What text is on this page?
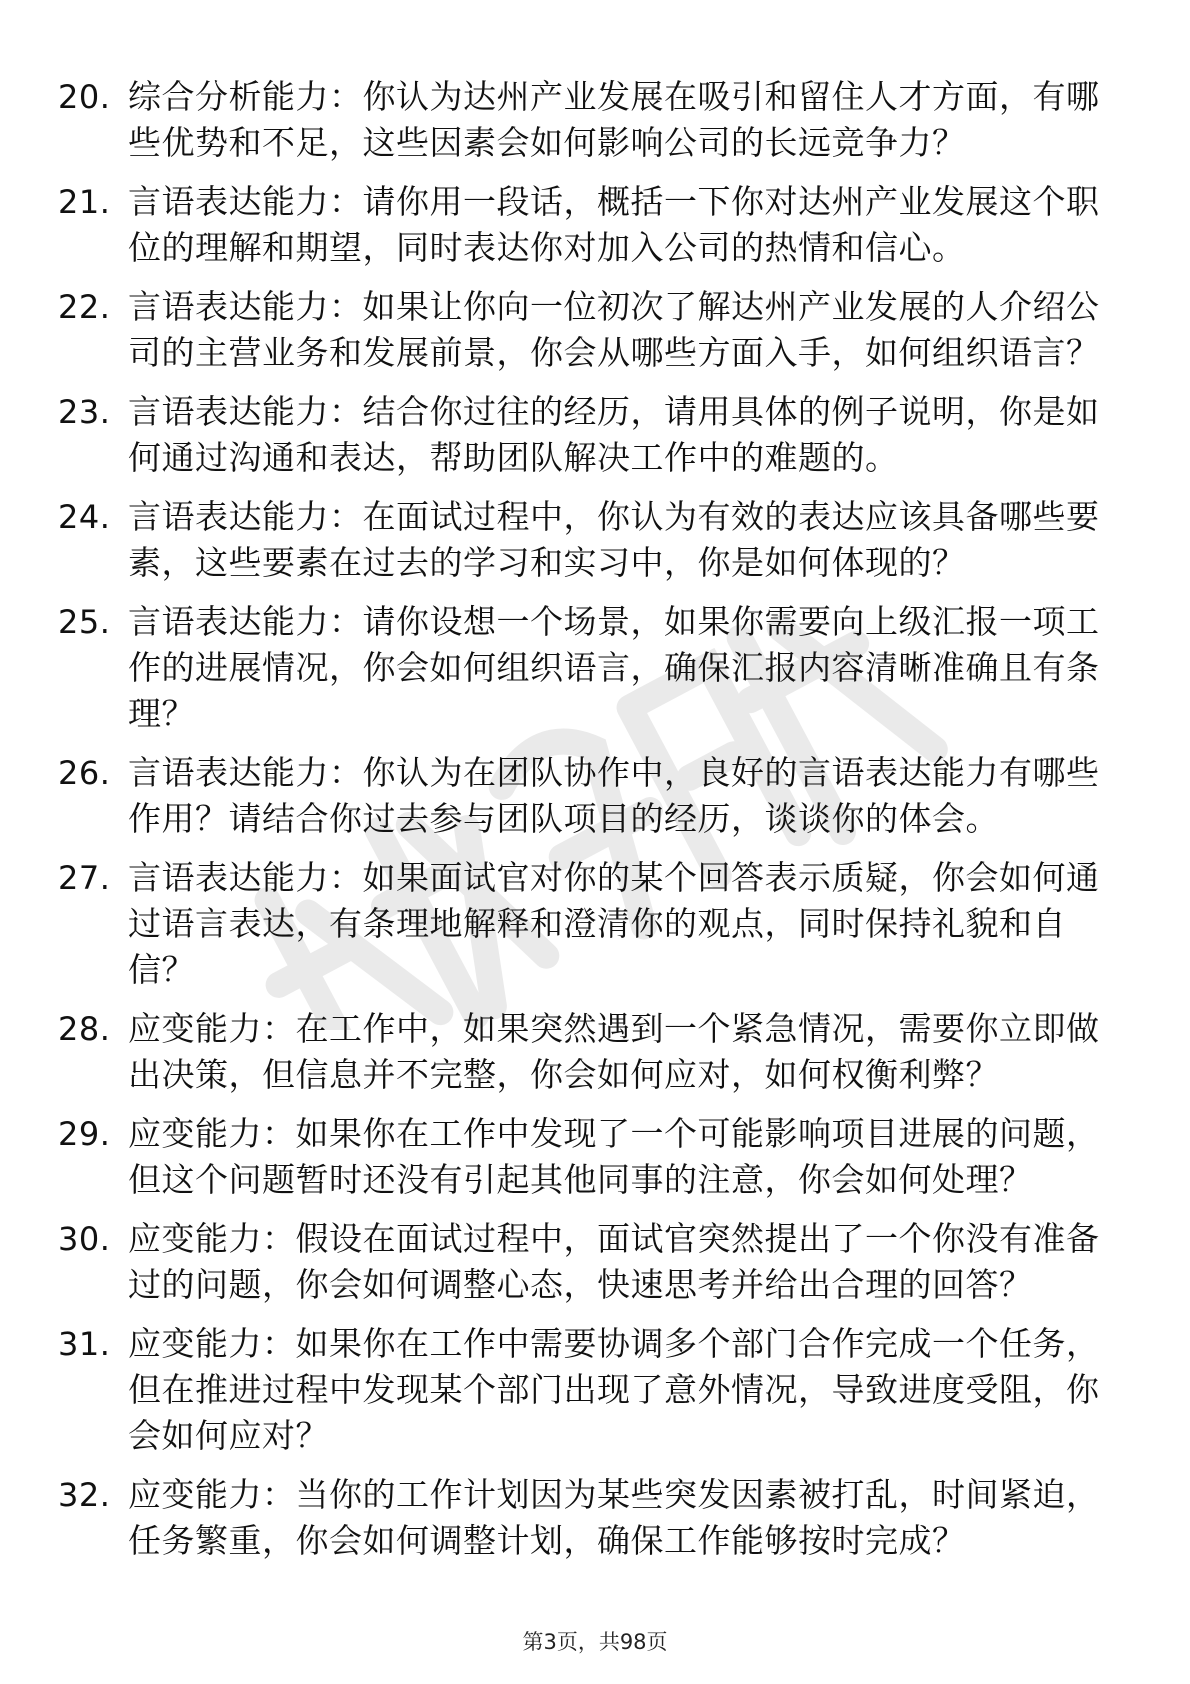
20. 综合分析能力：你认为达州产业发展在吸引和留住人才方面，有哪些优势和不足，这些因素会如何影响公司的长远竞争力？
21. 言语表达能力：请你用一段话，概括一下你对达州产业发展这个职位的理解和期望，同时表达你对加入公司的热情和信心。
22. 言语表达能力：如果让你向一位初次了解达州产业发展的人介绍公司的主营业务和发展前景，你会从哪些方面入手，如何组织语言？
23. 言语表达能力：结合你过往的经历，请用具体的例子说明，你是如何通过沟通和表达，帮助团队解决工作中的难题的。
24. 言语表达能力：在面试过程中，你认为有效的表达应该具备哪些要素，这些要素在过去的学习和实习中，你是如何体现的？
25. 言语表达能力：请你设想一个场景，如果你需要向上级汇报一项工作的进展情况，你会如何组织语言，确保汇报内容清晰准确且有条理？
26. 言语表达能力：你认为在团队协作中，良好的言语表达能力有哪些作用？请结合你过去参与团队项目的经历，谈谈你的体会。
27. 言语表达能力：如果面试官对你的某个回答表示质疑，你会如何通过语言表达，有条理地解释和澄清你的观点，同时保持礼貌和自信？
28. 应变能力：在工作中，如果突然遇到一个紧急情况，需要你立即做出决策，但信息并不完整，你会如何应对，如何权衡利弊？
29. 应变能力：如果你在工作中发现了一个可能影响项目进展的问题，但这个问题暂时还没有引起其他同事的注意，你会如何处理？
30. 应变能力：假设在面试过程中，面试官突然提出了一个你没有准备过的问题，你会如何调整心态，快速思考并给出合理的回答？
31. 应变能力：如果你在工作中需要协调多个部门合作完成一个任务，但在推进过程中发现某个部门出现了意外情况，导致进度受阻，你会如何应对？
32. 应变能力：当你的工作计划因为某些突发因素被打乱，时间紧迫，任务繁重，你会如何调整计划，确保工作能够按时完成？
第3页，共98页
